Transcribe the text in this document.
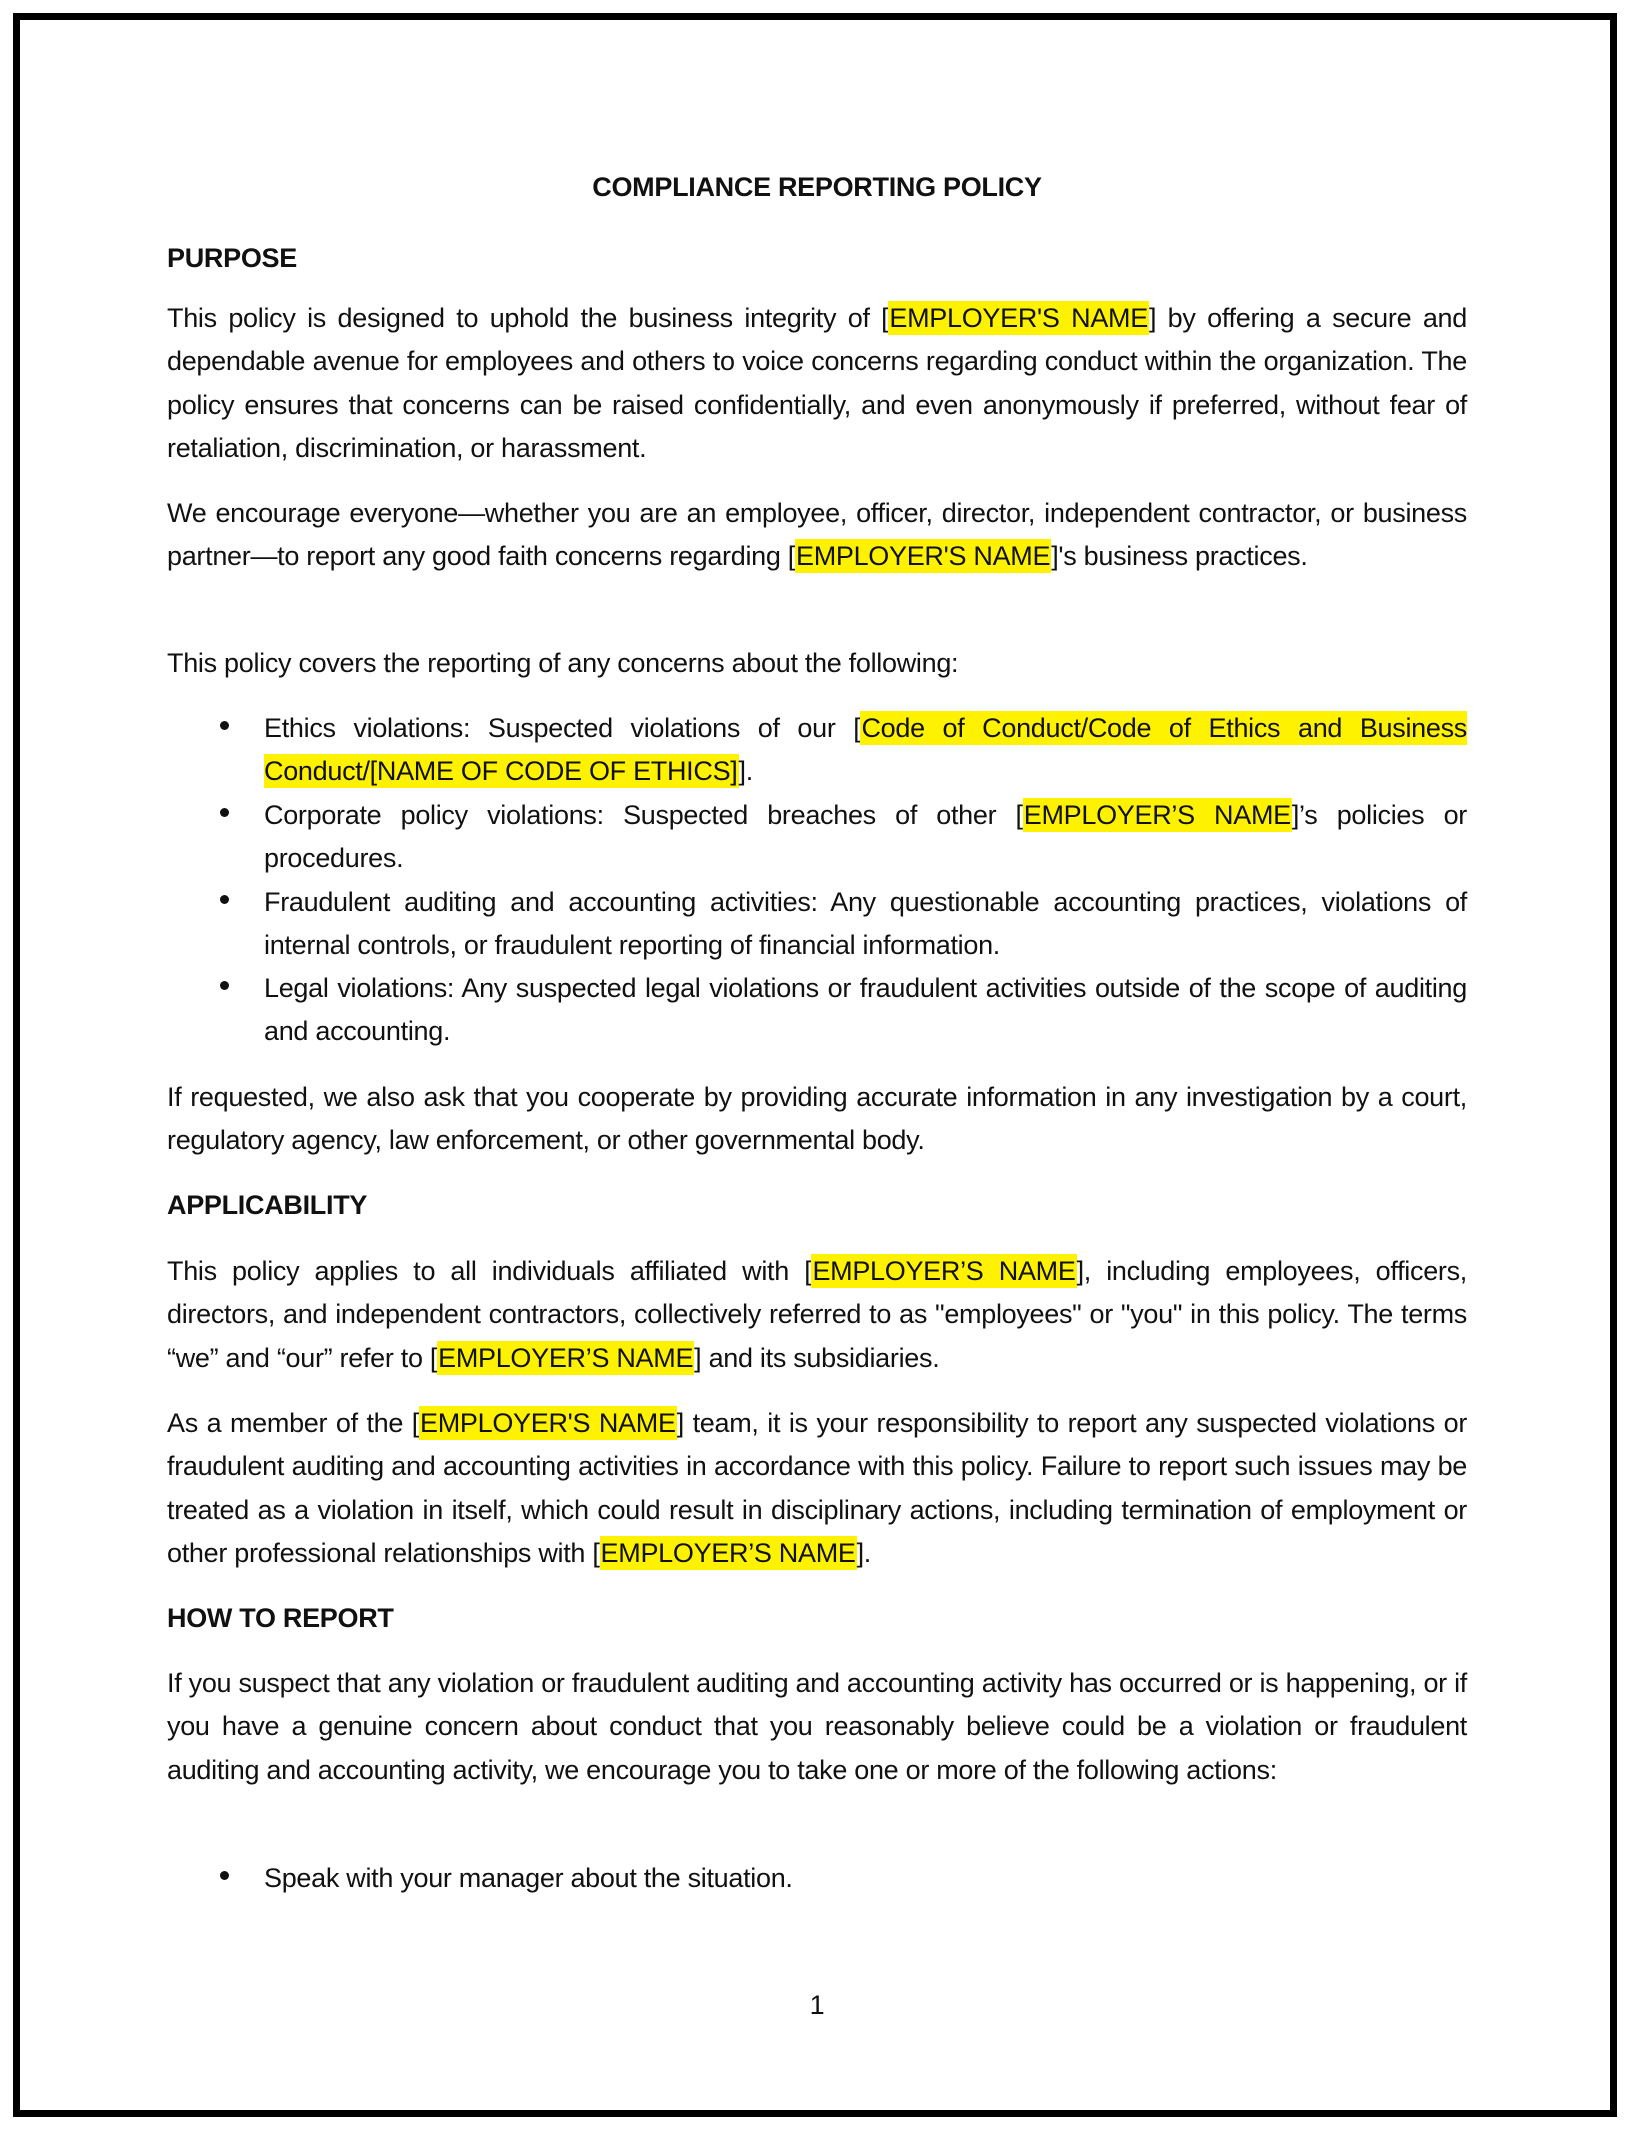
COMPLIANCE REPORTING POLICY
PURPOSE

This policy is designed to uphold the business integrity of [EMPLOYER'S NAME] by offering a secure and dependable avenue for employees and others to voice concerns regarding conduct within the organization. The policy ensures that concerns can be raised confidentially, and even anonymously if preferred, without fear of retaliation, discrimination, or harassment.

We encourage everyone—whether you are an employee, officer, director, independent contractor, or business partner—to report any good faith concerns regarding [EMPLOYER'S NAME]'s business practices.

This policy covers the reporting of any concerns about the following:

Ethics violations: Suspected violations of our [Code of Conduct/Code of Ethics and Business Conduct/[NAME OF CODE OF ETHICS]].
Corporate policy violations: Suspected breaches of other [EMPLOYER’S NAME]’s policies or procedures.
Fraudulent auditing and accounting activities: Any questionable accounting practices, violations of internal controls, or fraudulent reporting of financial information.
Legal violations: Any suspected legal violations or fraudulent activities outside of the scope of auditing and accounting.

If requested, we also ask that you cooperate by providing accurate information in any investigation by a court, regulatory agency, law enforcement, or other governmental body.

APPLICABILITY

This policy applies to all individuals affiliated with [EMPLOYER’S NAME], including employees, officers, directors, and independent contractors, collectively referred to as "employees" or "you" in this policy. The terms “we” and “our” refer to [EMPLOYER’S NAME] and its subsidiaries.

As a member of the [EMPLOYER'S NAME] team, it is your responsibility to report any suspected violations or fraudulent auditing and accounting activities in accordance with this policy. Failure to report such issues may be treated as a violation in itself, which could result in disciplinary actions, including termination of employment or other professional relationships with [EMPLOYER’S NAME].

HOW TO REPORT

If you suspect that any violation or fraudulent auditing and accounting activity has occurred or is happening, or if you have a genuine concern about conduct that you reasonably believe could be a violation or fraudulent auditing and accounting activity, we encourage you to take one or more of the following actions:

Speak with your manager about the situation.
1
